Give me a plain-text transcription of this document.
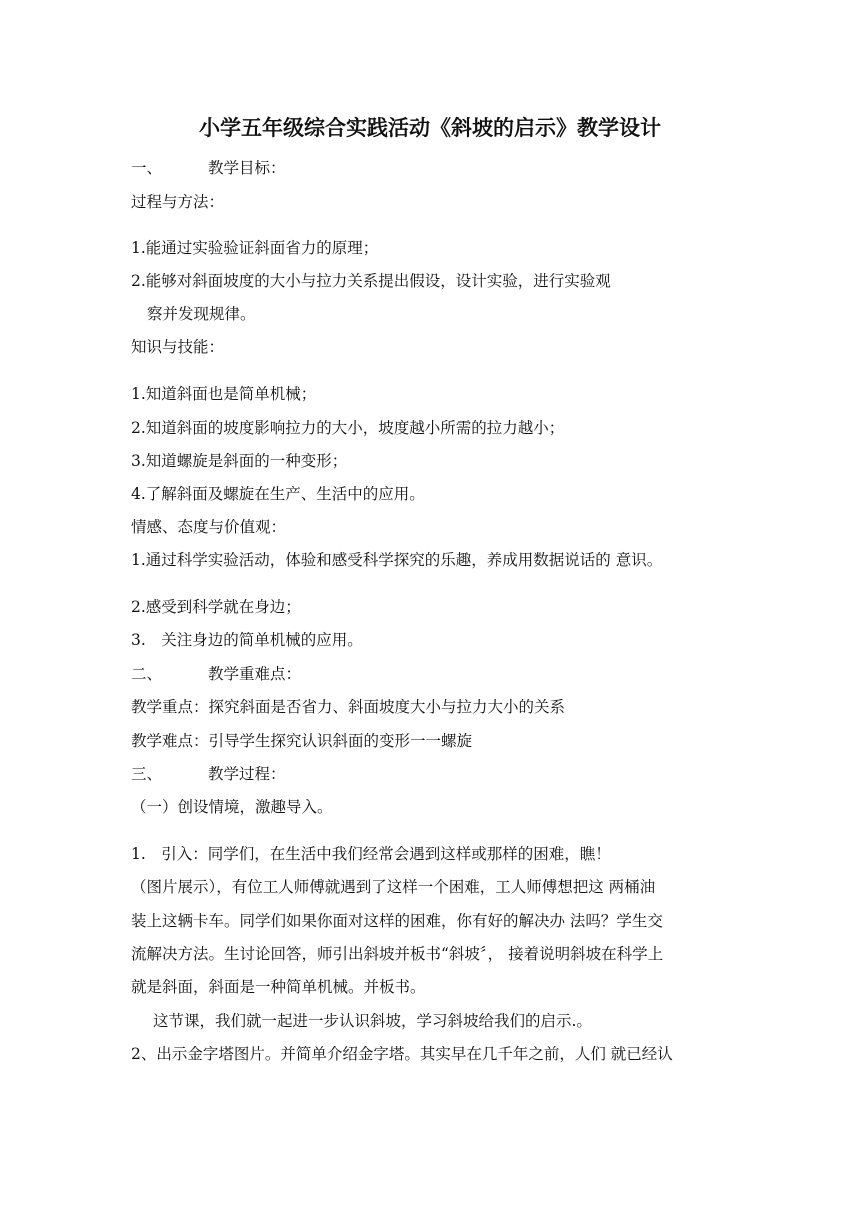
小学五年级综合实践活动《斜坡的启示》教学设计
一、	教学目标：
过程与方法：
1.能通过实验验证斜面省力的原理；
2.能够对斜面坡度的大小与拉力关系提出假设，设计实验，进行实验观
察并发现规律。
知识与技能：
1.知道斜面也是简单机械；
2.知道斜面的坡度影响拉力的大小，坡度越小所需的拉力越小；
3.知道螺旋是斜面的一种变形；
4.了解斜面及螺旋在生产、生活中的应用。
情感、态度与价值观：
1.通过科学实验活动，体验和感受科学探究的乐趣，养成用数据说话的 意识。
2.感受到科学就在身边；
3.　关注身边的简单机械的应用。
二、	教学重难点：
教学重点：探究斜面是否省力、斜面坡度大小与拉力大小的关系
教学难点：引导学生探究认识斜面的变形一一螺旋
三、	教学过程：
（一）创设情境，激趣导入。
1.　引入：同学们，在生活中我们经常会遇到这样或那样的困难，瞧！
（图片展示），有位工人师傅就遇到了这样一个困难，工人师傅想把这 两桶油
装上这辆卡车。同学们如果你面对这样的困难，你有好的解决办 法吗？学生交
流解决方法。生讨论回答，师引出斜坡并板书“斜坡〞， 接着说明斜坡在科学上
就是斜面，斜面是一种简单机械。并板书。
这节课，我们就一起进一步认识斜坡，学习斜坡给我们的启示.。
2、出示金字塔图片。并简单介绍金字塔。其实早在几千年之前，人们 就已经认
